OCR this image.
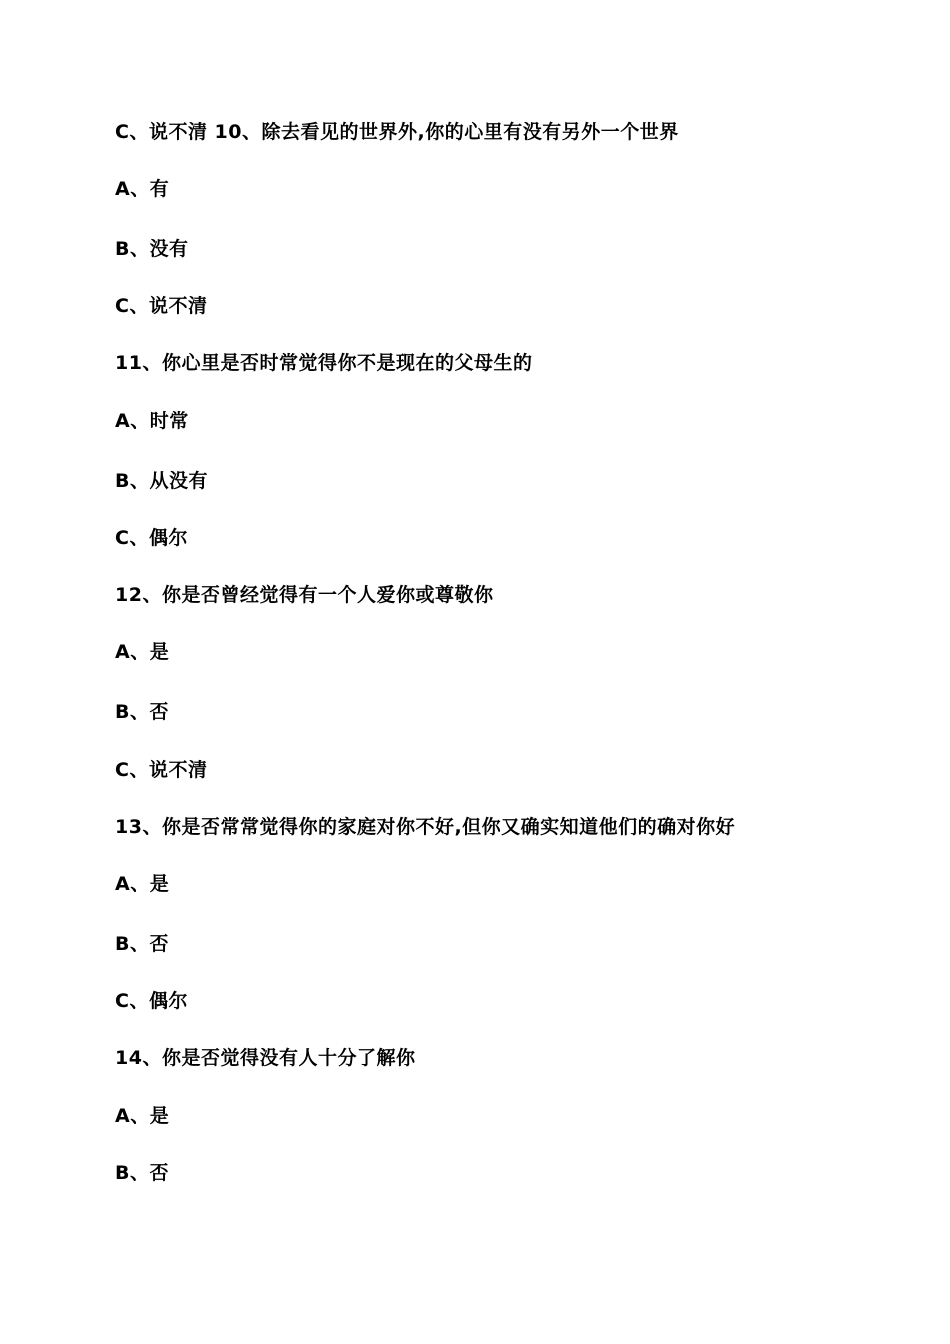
C、说不清 10、除去看见的世界外,你的心里有没有另外一个世界
A、有
B、没有
C、说不清
11、你心里是否时常觉得你不是现在的父母生的
A、时常
B、从没有
C、偶尔
12、你是否曾经觉得有一个人爱你或尊敬你
A、是
B、否
C、说不清
13、你是否常常觉得你的家庭对你不好,但你又确实知道他们的确对你好
A、是
B、否
C、偶尔
14、你是否觉得没有人十分了解你
A、是
B、否
